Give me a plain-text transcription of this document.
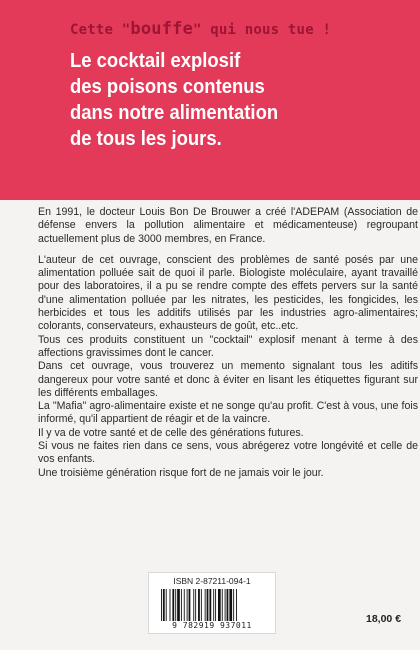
Cette "bouffe" qui nous tue !
Le cocktail explosif
des poisons contenus
dans notre alimentation
de tous les jours.
En 1991, le docteur Louis Bon De Brouwer a créé l'ADEPAM (Association de défense envers la pollution alimentaire et médicamenteuse) regroupant actuellement plus de 3000 membres, en France.
L'auteur de cet ouvrage, conscient des problèmes de santé posés par une alimentation polluée sait de quoi il parle. Biologiste moléculaire, ayant travaillé pour des laboratoires, il a pu se rendre compte des effets pervers sur la santé d'une alimentation polluée par les nitrates, les pesticides, les fongicides, les herbicides et tous les additifs utilisés par les industries agro-alimentaires; colorants, conservateurs, exhausteurs de goût, etc..etc.
Tous ces produits constituent un "cocktail" explosif menant à terme à des affections gravissimes dont le cancer.
Dans cet ouvrage, vous trouverez un memento signalant tous les aditifs dangereux pour votre santé et donc à éviter en lisant les étiquettes figurant sur les différents emballages.
La "Mafia" agro-alimentaire existe et ne songe qu'au profit. C'est à vous, une fois informé, qu'il appartient de réagir et de la vaincre.
Il y va de votre santé et de celle des générations futures.
Si vous ne faites rien dans ce sens, vous abrégerez votre longévité et celle de vos enfants.
Une troisième génération risque fort de ne jamais voir le jour.
ISBN 2-87211-094-1
9 782919 937011
18,00 €
